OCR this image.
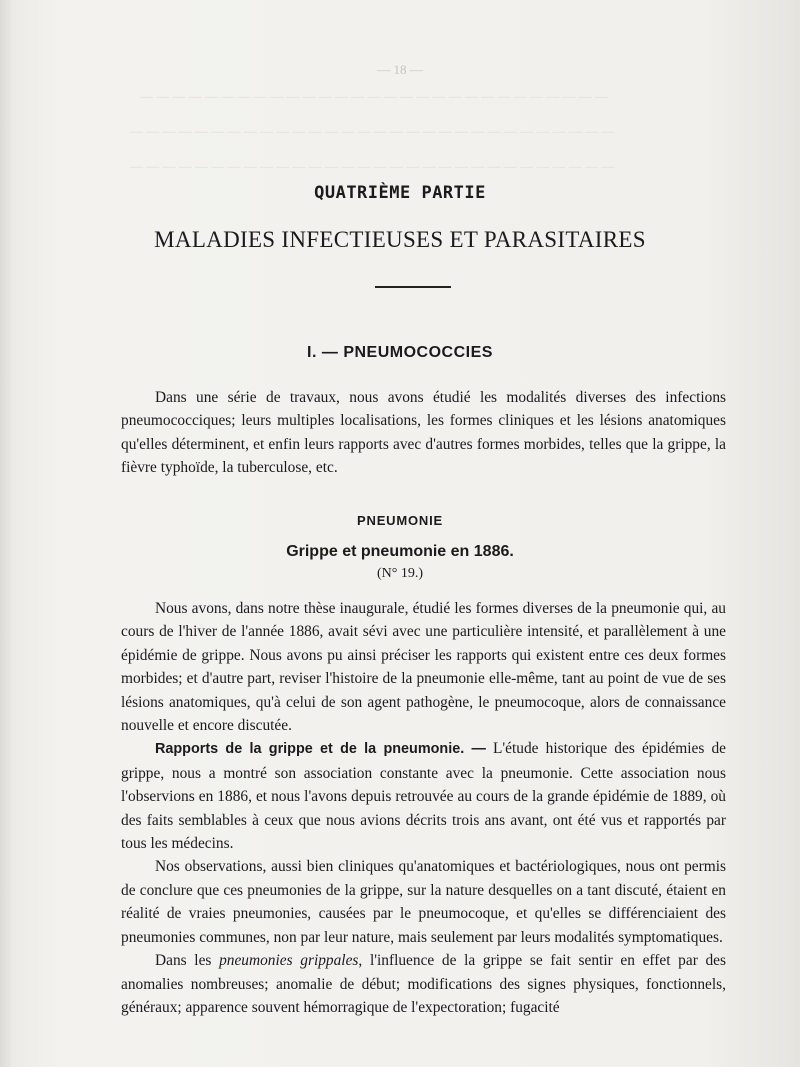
— — — — — — — — — — — — — — — — — — — — — — — — — — — — —
— — — — — — — — — — — — — — — — — — — — — — — — — — — — — —
— — — — — — — — — — — — — — — — — — — — — — — — — — — — — —
— 18 —
QUATRIÈME PARTIE
MALADIES INFECTIEUSES ET PARASITAIRES
I. — PNEUMOCOCCIES

Dans une série de travaux, nous avons étudié les modalités diverses des infections pneumococciques; leurs multiples localisations, les formes cliniques et les lésions anatomiques qu'elles déterminent, et enfin leurs rapports avec d'autres formes morbides, telles que la grippe, la fièvre typhoïde, la tuberculose, etc.

PNEUMONIE
Grippe et pneumonie en 1886.
(N° 19.)

Nous avons, dans notre thèse inaugurale, étudié les formes diverses de la pneumonie qui, au cours de l'hiver de l'année 1886, avait sévi avec une particulière intensité, et parallèlement à une épidémie de grippe. Nous avons pu ainsi préciser les rapports qui existent entre ces deux formes morbides; et d'autre part, reviser l'histoire de la pneumonie elle-même, tant au point de vue de ses lésions anatomiques, qu'à celui de son agent pathogène, le pneumocoque, alors de connaissance nouvelle et encore discutée.

Rapports de la grippe et de la pneumonie. — L'étude historique des épidémies de grippe, nous a montré son association constante avec la pneumonie. Cette association nous l'observions en 1886, et nous l'avons depuis retrouvée au cours de la grande épidémie de 1889, où des faits semblables à ceux que nous avions décrits trois ans avant, ont été vus et rapportés par tous les médecins.

Nos observations, aussi bien cliniques qu'anatomiques et bactériologiques, nous ont permis de conclure que ces pneumonies de la grippe, sur la nature desquelles on a tant discuté, étaient en réalité de vraies pneumonies, causées par le pneumocoque, et qu'elles se différenciaient des pneumonies communes, non par leur nature, mais seulement par leurs modalités symptomatiques.

Dans les pneumonies grippales, l'influence de la grippe se fait sentir en effet par des anomalies nombreuses; anomalie de début; modifications des signes physiques, fonctionnels, généraux; apparence souvent hémorragique de l'expectoration; fugacité
